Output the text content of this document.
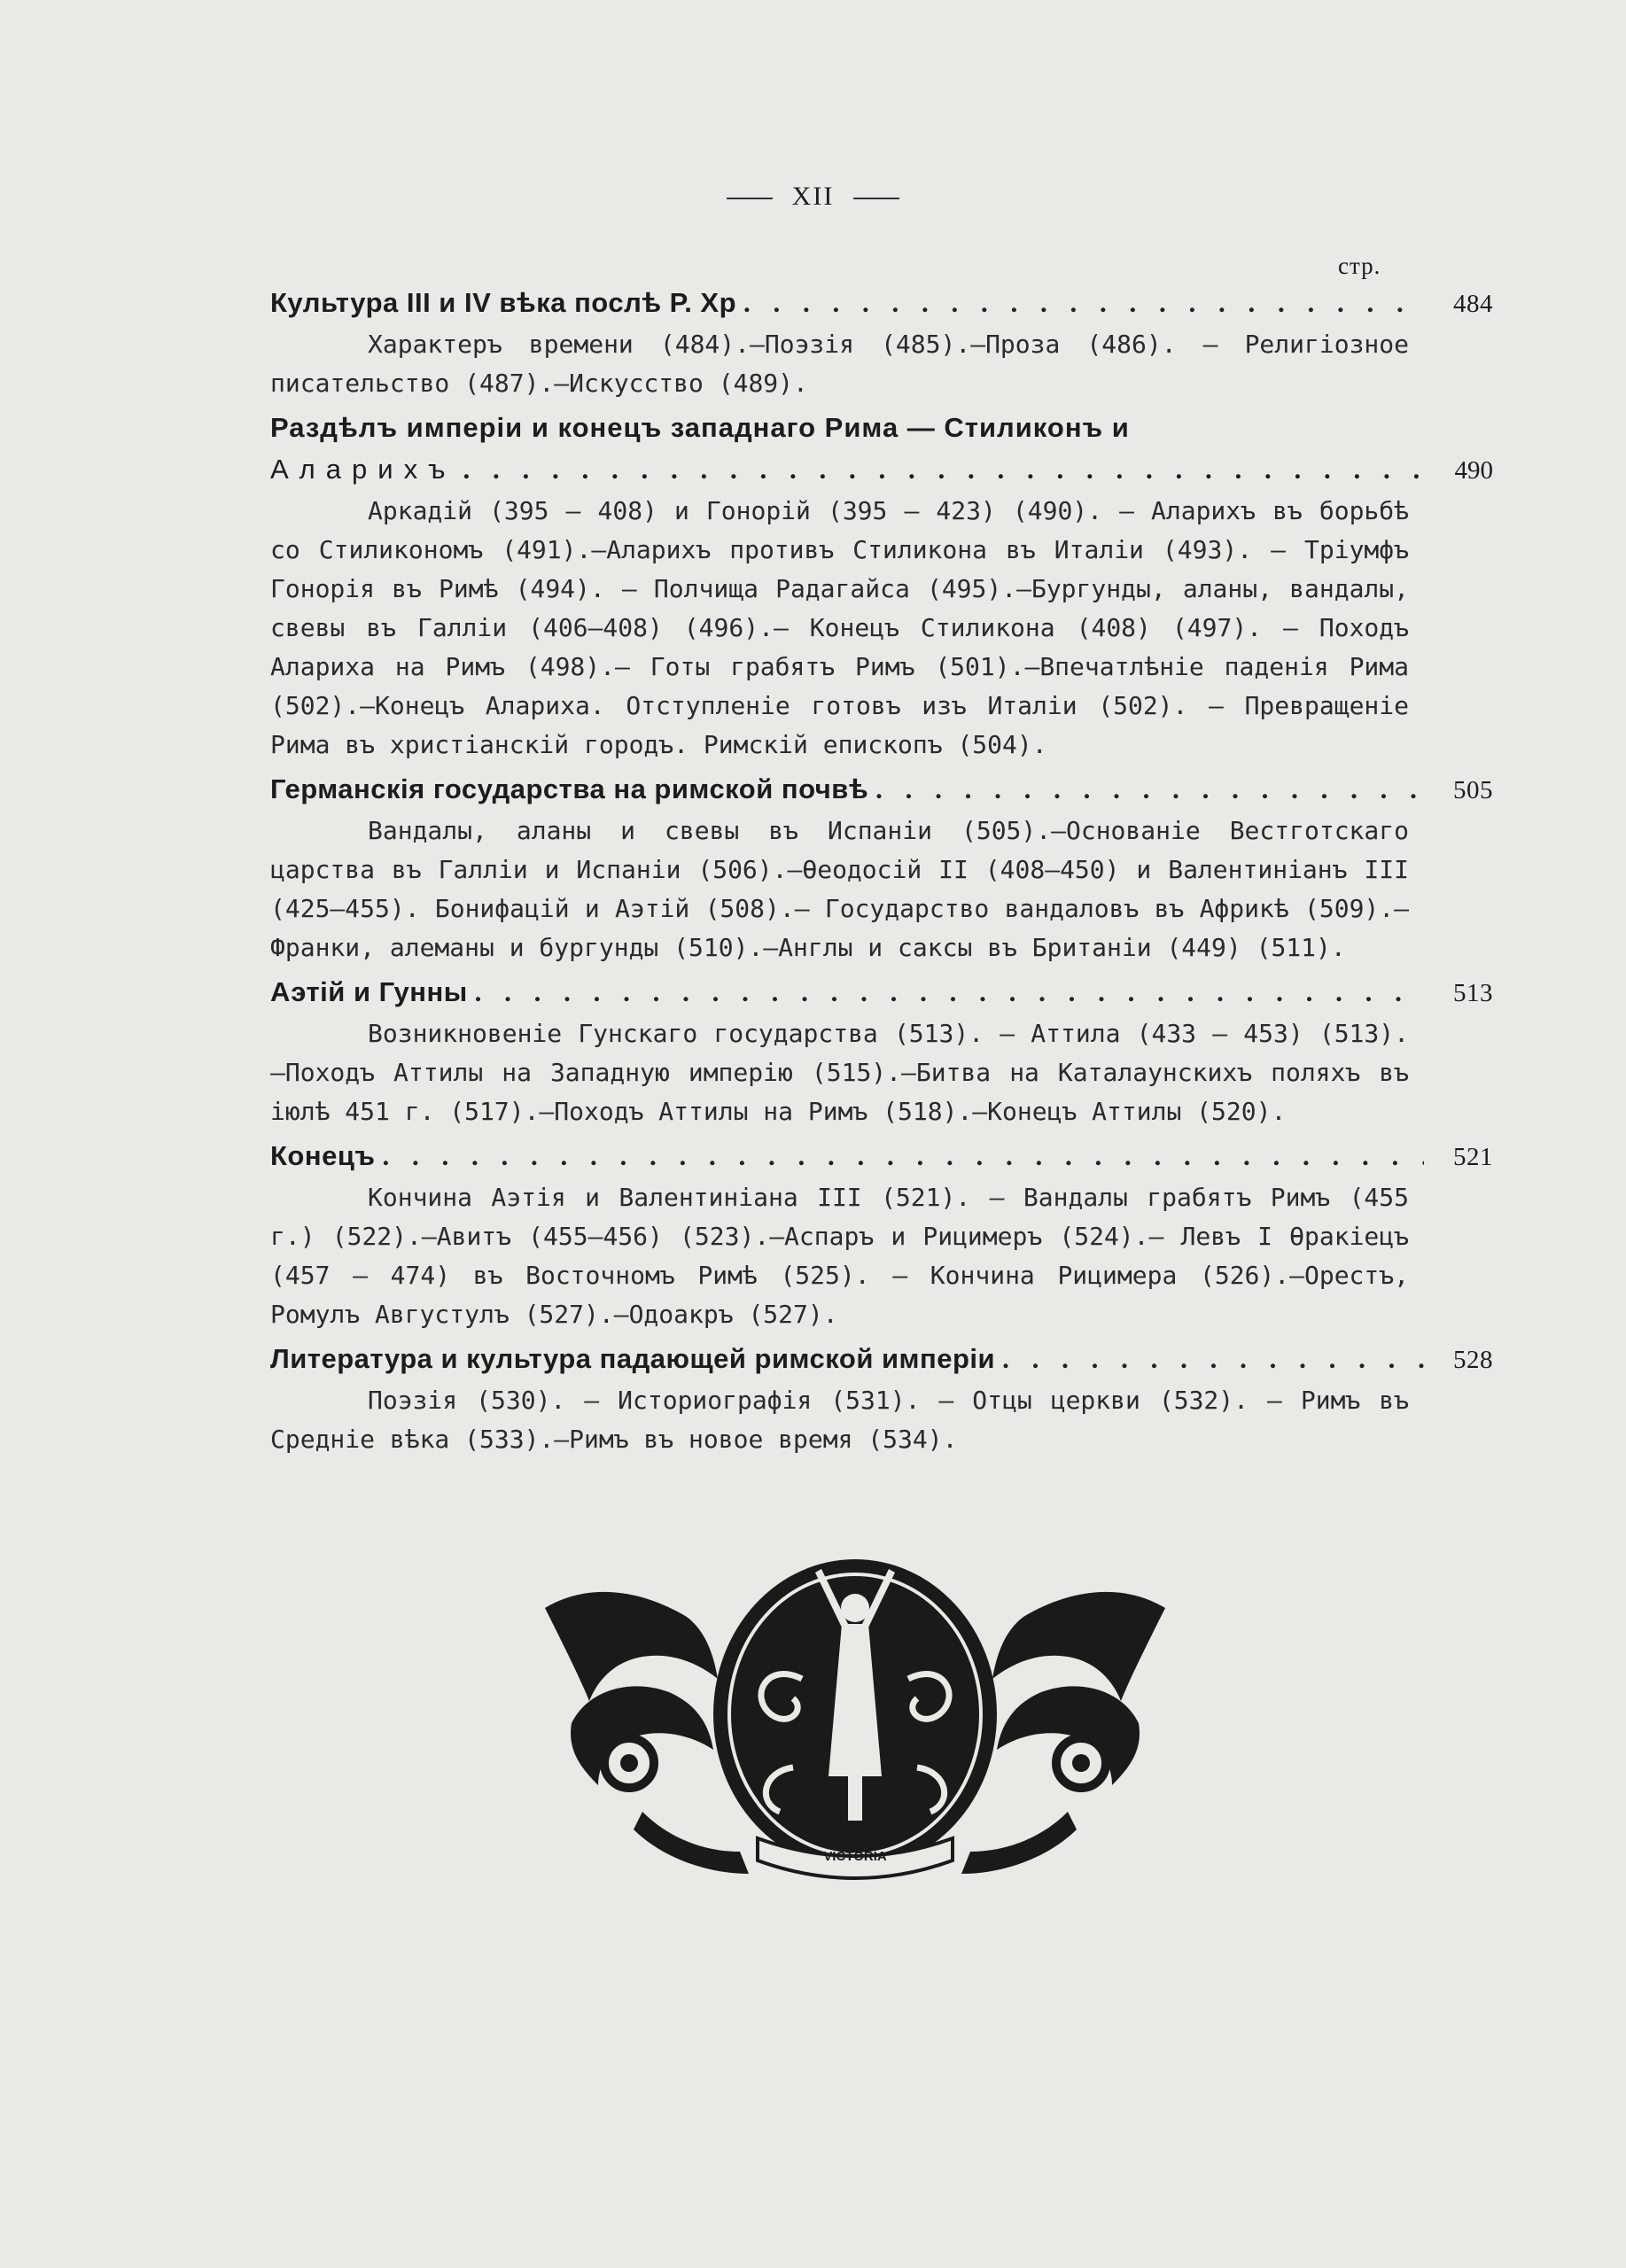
XII
стр.
Культура III и IV вѣка послѣ Р. Хр . . .	484
Характеръ времени (484).—Поэзія (485).—Проза (486). — Религіозное писательство (487).—Искусство (489).
Раздѣлъ имперіи и конецъ западнаго Рима — Стиликонъ и
Аларихъ . . .	490
Аркадій (395 — 408) и Гонорій (395 — 423) (490). — Аларихъ въ борьбѣ со Стиликономъ (491).—Аларихъ противъ Стиликона въ Италіи (493). — Тріумфъ Гонорія въ Римѣ (494). — Полчища Радагайса (495).—Бургунды, аланы, вандалы, свевы въ Галліи (406—408) (496).— Конецъ Стиликона (408) (497). — Походъ Алариха на Римъ (498).— Готы грабятъ Римъ (501).—Впечатлѣніе паденія Рима (502).—Конецъ Алариха. Отступленіе готовъ изъ Италіи (502). — Превращеніе Рима въ христіанскій городъ. Римскій епископъ (504).
Германскія государства на римской почвѣ . . .	505
Вандалы, аланы и свевы въ Испаніи (505).—Основаніе Вестготскаго царства въ Галліи и Испаніи (506).—Ѳеодосій II (408—450) и Валентиніанъ III (425—455). Бонифацій и Аэтій (508).— Государство вандаловъ въ Африкѣ (509).—Франки, алеманы и бургунды (510).—Англы и саксы въ Британіи (449) (511).
Аэтій и Гунны . . .	513
Возникновеніе Гунскаго государства (513). — Аттила (433 — 453) (513).—Походъ Аттилы на Западную имперію (515).—Битва на Каталаунскихъ поляхъ въ іюлѣ 451 г. (517).—Походъ Аттилы на Римъ (518).—Конецъ Аттилы (520).
Конецъ . . .	521
Кончина Аэтія и Валентиніана III (521). — Вандалы грабятъ Римъ (455 г.) (522).—Авитъ (455—456) (523).—Аспаръ и Рицимеръ (524).— Левъ I Ѳракіецъ (457 — 474) въ Восточномъ Римѣ (525). — Кончина Рицимера (526).—Орестъ, Ромулъ Августулъ (527).—Одоакръ (527).
Литература и культура падающей римской имперіи . . .	528
Поэзія (530). — Историографія (531). — Отцы церкви (532). — Римъ въ Средніе вѣка (533).—Римъ въ новое время (534).
VICTORIA
